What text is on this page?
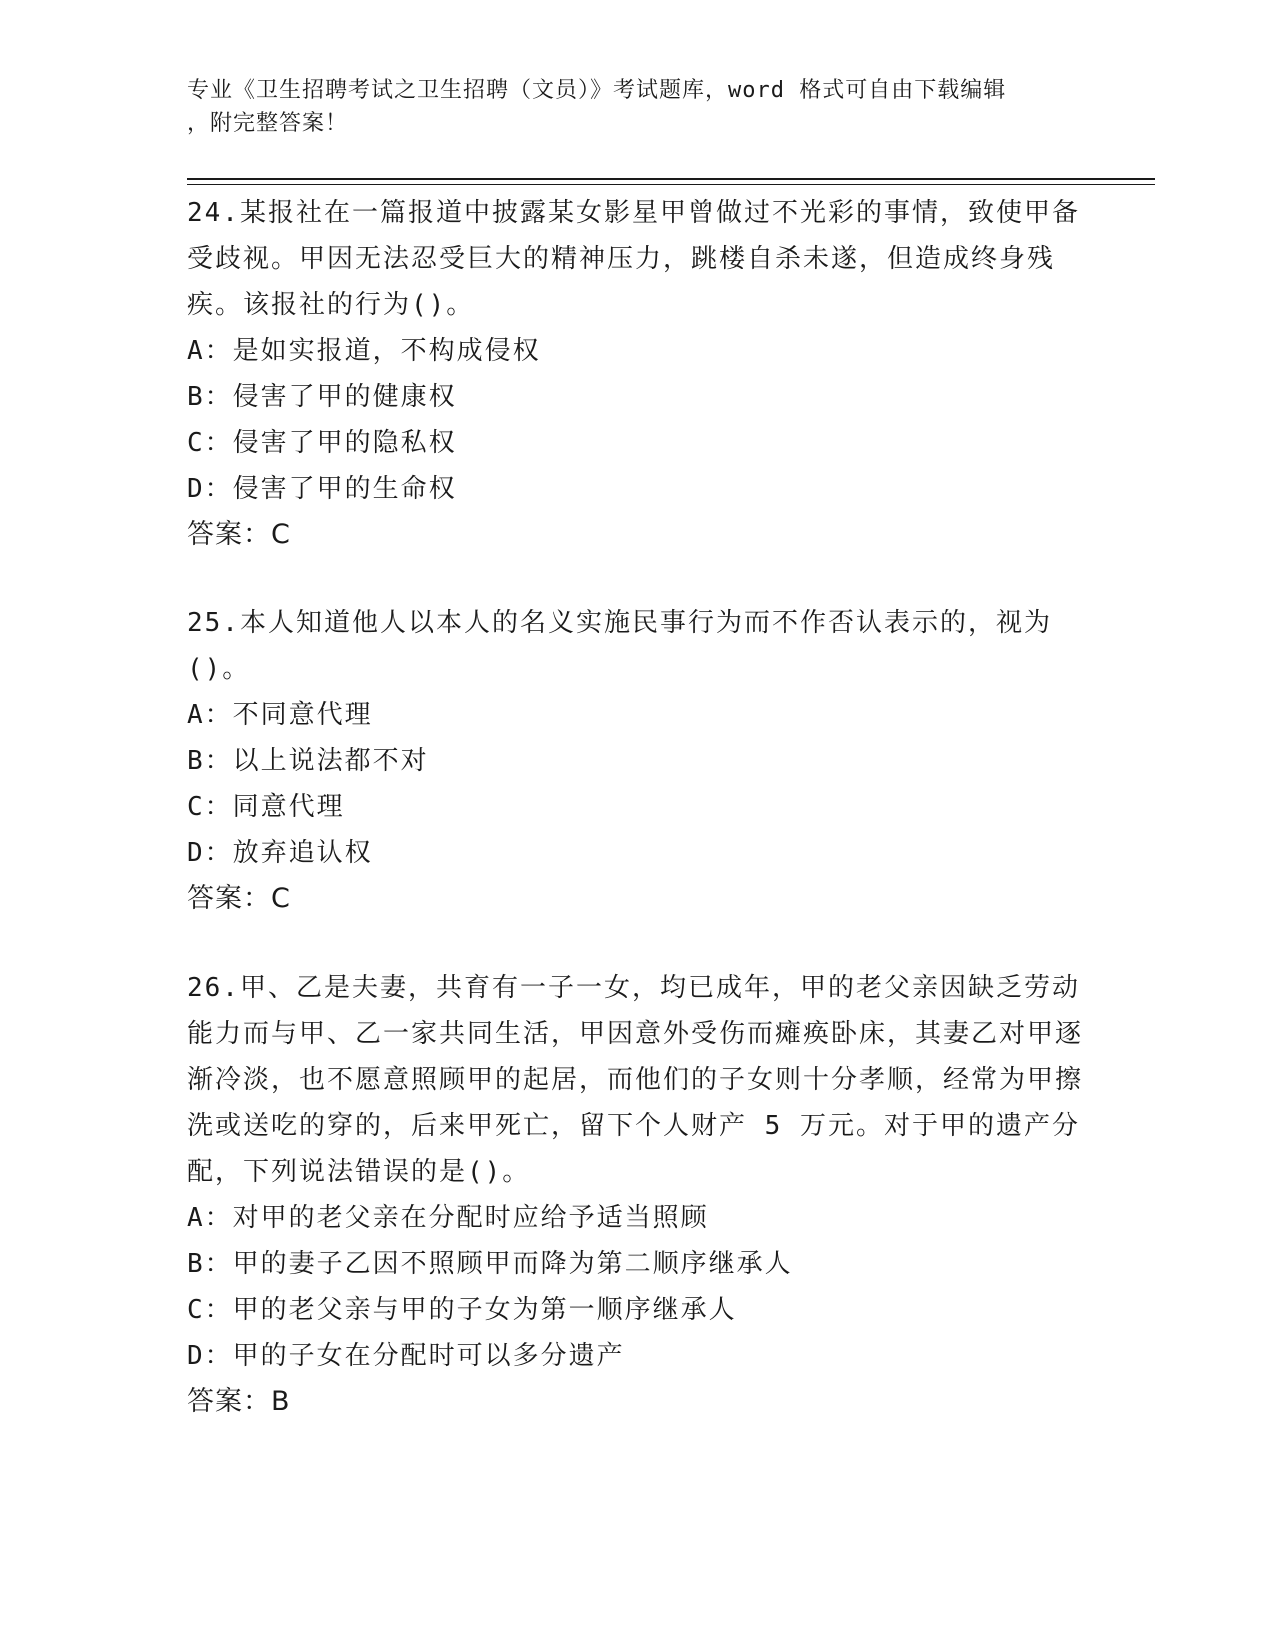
专业《卫生招聘考试之卫生招聘（文员）》考试题库，word 格式可自由下载编辑
，附完整答案！
24.某报社在一篇报道中披露某女影星甲曾做过不光彩的事情，致使甲备受歧视。甲因无法忍受巨大的精神压力，跳楼自杀未遂，但造成终身残疾。该报社的行为()。
A：是如实报道，不构成侵权
B：侵害了甲的健康权
C：侵害了甲的隐私权
D：侵害了甲的生命权
答案：C
25.本人知道他人以本人的名义实施民事行为而不作否认表示的，视为()。
A：不同意代理
B：以上说法都不对
C：同意代理
D：放弃追认权
答案：C
26.甲、乙是夫妻，共育有一子一女，均已成年，甲的老父亲因缺乏劳动能力而与甲、乙一家共同生活，甲因意外受伤而瘫痪卧床，其妻乙对甲逐渐冷淡，也不愿意照顾甲的起居，而他们的子女则十分孝顺，经常为甲擦洗或送吃的穿的，后来甲死亡，留下个人财产 5 万元。对于甲的遗产分配，下列说法错误的是()。
A：对甲的老父亲在分配时应给予适当照顾
B：甲的妻子乙因不照顾甲而降为第二顺序继承人
C：甲的老父亲与甲的子女为第一顺序继承人
D：甲的子女在分配时可以多分遗产
答案：B
